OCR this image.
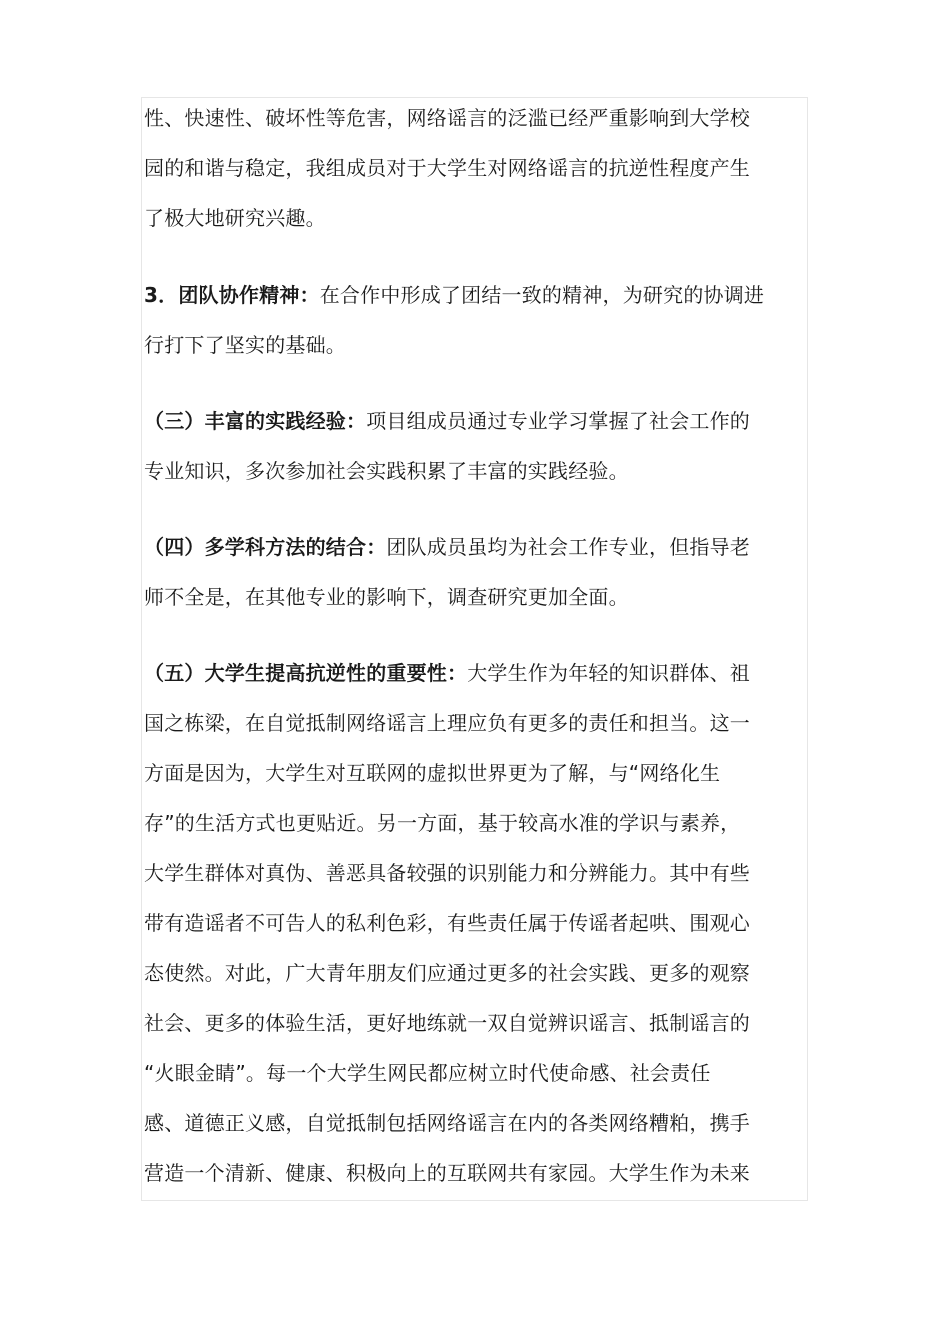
性、快速性、破坏性等危害，网络谣言的泛滥已经严重影响到大学校
园的和谐与稳定，我组成员对于大学生对网络谣言的抗逆性程度产生
了极大地研究兴趣。
3．团队协作精神：在合作中形成了团结一致的精神，为研究的协调进
行打下了坚实的基础。
（三）丰富的实践经验：项目组成员通过专业学习掌握了社会工作的
专业知识，多次参加社会实践积累了丰富的实践经验。
（四）多学科方法的结合：团队成员虽均为社会工作专业，但指导老
师不全是，在其他专业的影响下，调查研究更加全面。
（五）大学生提高抗逆性的重要性：大学生作为年轻的知识群体、祖
国之栋梁，在自觉抵制网络谣言上理应负有更多的责任和担当。这一
方面是因为，大学生对互联网的虚拟世界更为了解，与“网络化生
存”的生活方式也更贴近。另一方面，基于较高水准的学识与素养，
大学生群体对真伪、善恶具备较强的识别能力和分辨能力。其中有些
带有造谣者不可告人的私利色彩，有些责任属于传谣者起哄、围观心
态使然。对此，广大青年朋友们应通过更多的社会实践、更多的观察
社会、更多的体验生活，更好地练就一双自觉辨识谣言、抵制谣言的
“火眼金睛”。每一个大学生网民都应树立时代使命感、社会责任
感、道德正义感，自觉抵制包括网络谣言在内的各类网络糟粕，携手
营造一个清新、健康、积极向上的互联网共有家园。大学生作为未来
